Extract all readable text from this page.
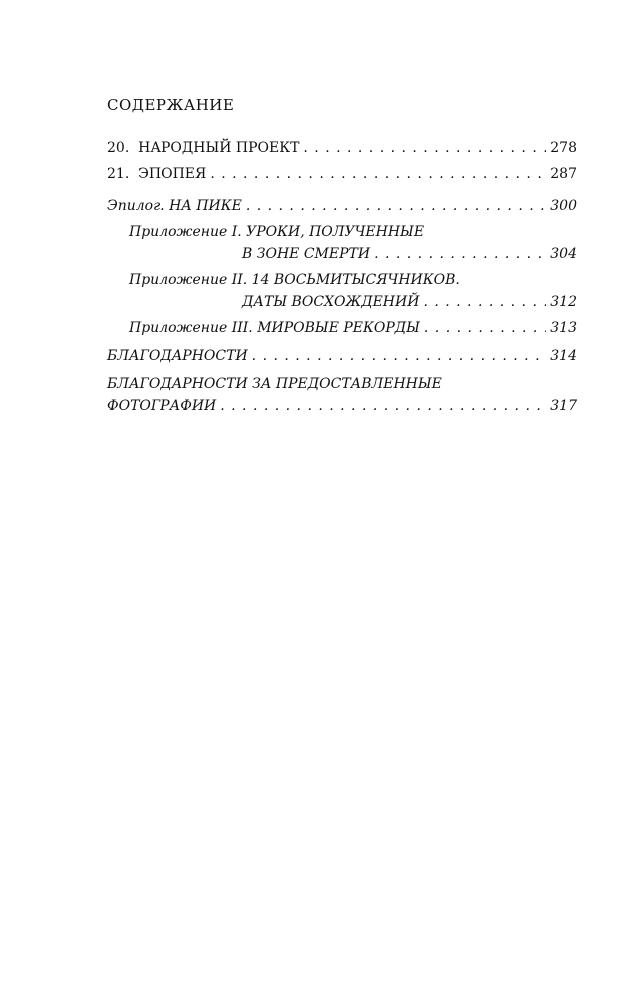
СОДЕРЖАНИЕ
20. НАРОДНЫЙ ПРОЕКТ . . .	278
21. ЭПОПЕЯ . . .	287
Эпилог. НА ПИКЕ . . .	300
Приложение I. УРОКИ, ПОЛУЧЕННЫЕ
В ЗОНЕ СМЕРТИ . . .	304
Приложение II. 14 ВОСЬМИТЫСЯЧНИКОВ.
ДАТЫ ВОСХОЖДЕНИЙ . . .	312
Приложение III. МИРОВЫЕ РЕКОРДЫ . . .	313
БЛАГОДАРНОСТИ . . .	314
БЛАГОДАРНОСТИ ЗА ПРЕДОСТАВЛЕННЫЕ
ФОТОГРАФИИ . . .	317
